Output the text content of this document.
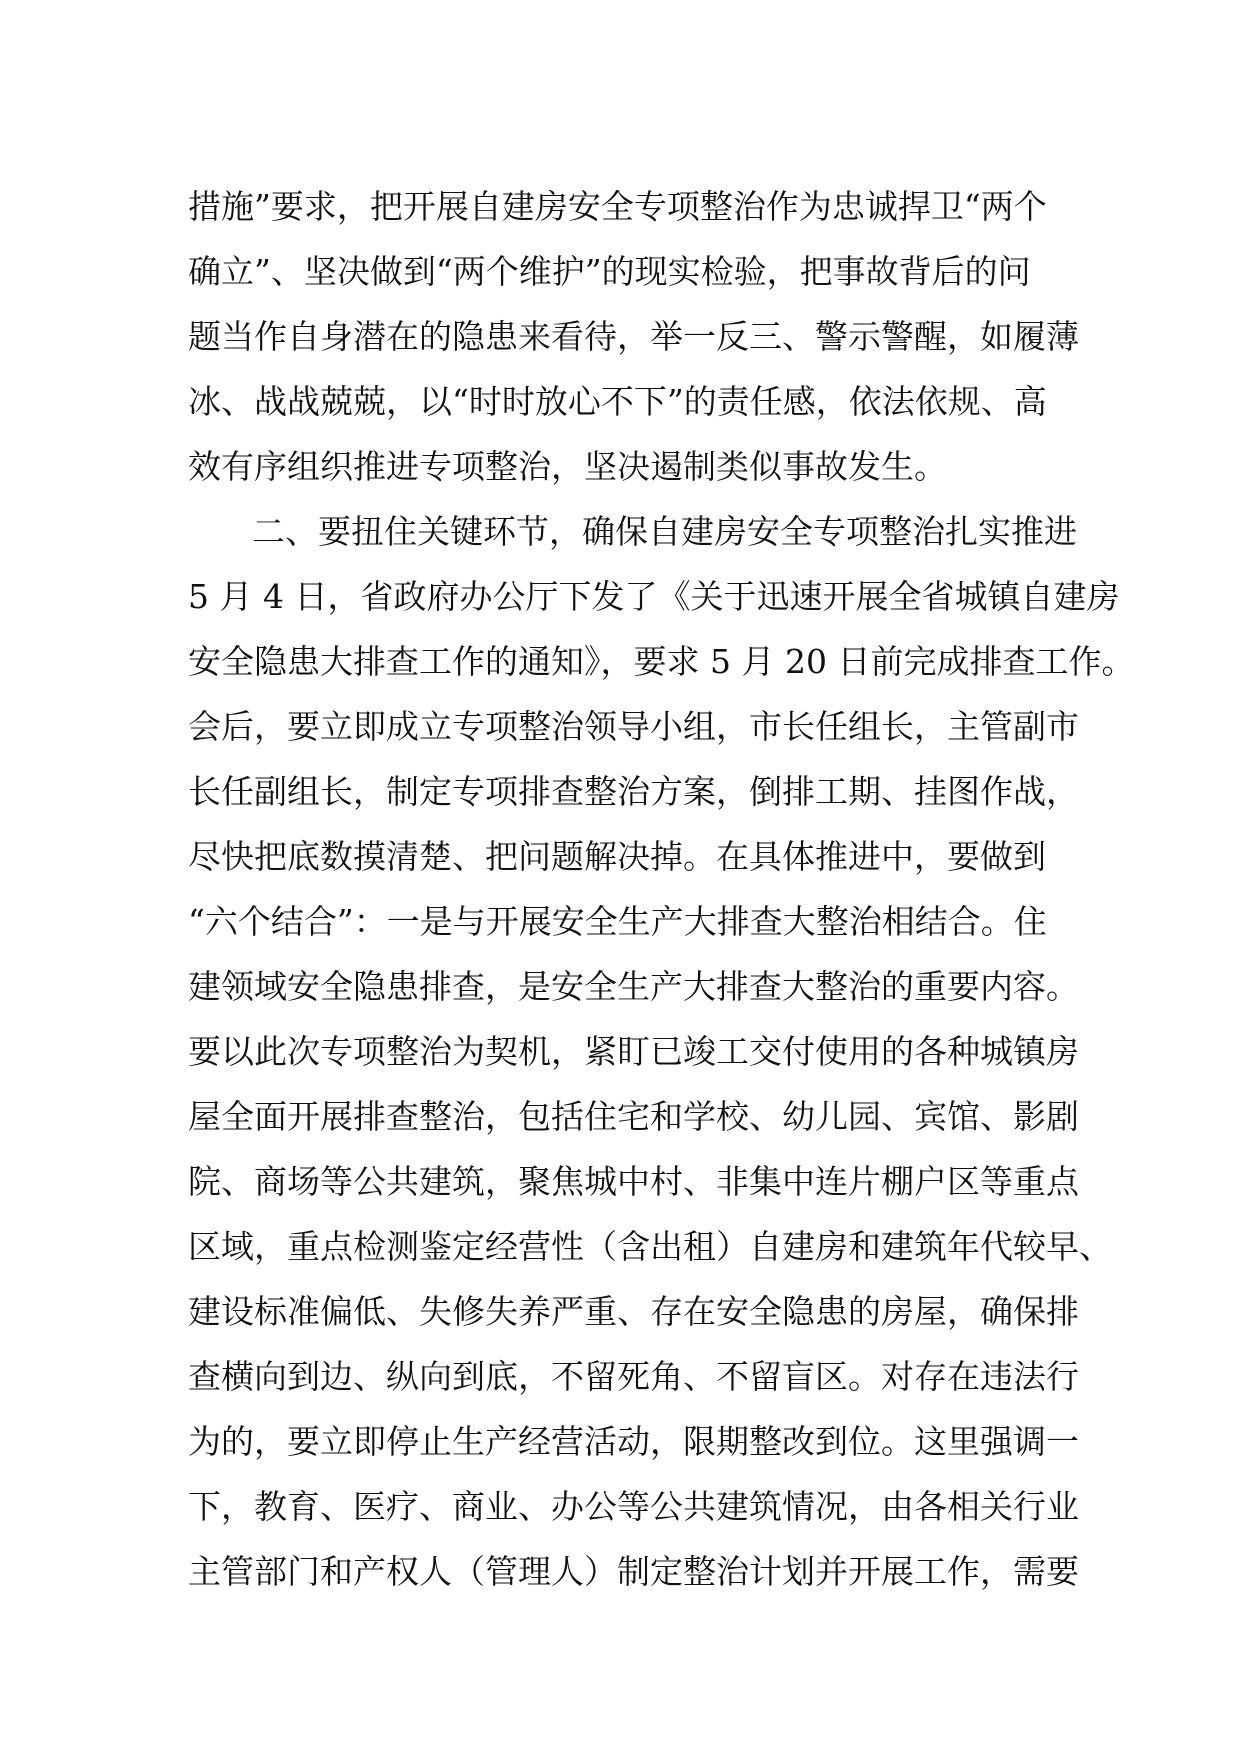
措施”要求，把开展自建房安全专项整治作为忠诚捍卫“两个
确立”、坚决做到“两个维护”的现实检验，把事故背后的问
题当作自身潜在的隐患来看待，举一反三、警示警醒，如履薄
冰、战战兢兢，以“时时放心不下”的责任感，依法依规、高
效有序组织推进专项整治，坚决遏制类似事故发生。
二、要扭住关键环节，确保自建房安全专项整治扎实推进
5 月 4 日，省政府办公厅下发了《关于迅速开展全省城镇自建房
安全隐患大排查工作的通知》，要求 5 月 20 日前完成排查工作。
会后，要立即成立专项整治领导小组，市长任组长，主管副市
长任副组长，制定专项排查整治方案，倒排工期、挂图作战，
尽快把底数摸清楚、把问题解决掉。在具体推进中，要做到
“六个结合”：一是与开展安全生产大排查大整治相结合。住
建领域安全隐患排查，是安全生产大排查大整治的重要内容。
要以此次专项整治为契机，紧盯已竣工交付使用的各种城镇房
屋全面开展排查整治，包括住宅和学校、幼儿园、宾馆、影剧
院、商场等公共建筑，聚焦城中村、非集中连片棚户区等重点
区域，重点检测鉴定经营性（含出租）自建房和建筑年代较早、
建设标准偏低、失修失养严重、存在安全隐患的房屋，确保排
查横向到边、纵向到底，不留死角、不留盲区。对存在违法行
为的，要立即停止生产经营活动，限期整改到位。这里强调一
下，教育、医疗、商业、办公等公共建筑情况，由各相关行业
主管部门和产权人（管理人）制定整治计划并开展工作，需要
